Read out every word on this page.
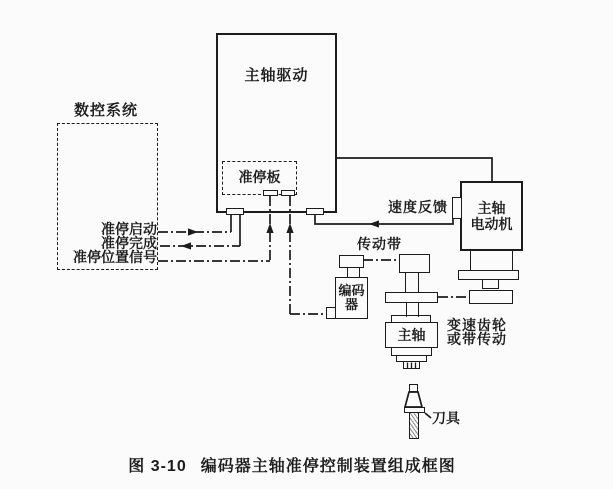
数控系统
主轴驱动
准停板
主轴
电动机
编码
器
主轴
准停启动
准停完成
准停位置信号
速度反馈
传动带
变速齿轮
或带传动
刀具
图 3-10 编码器主轴准停控制装置组成框图
